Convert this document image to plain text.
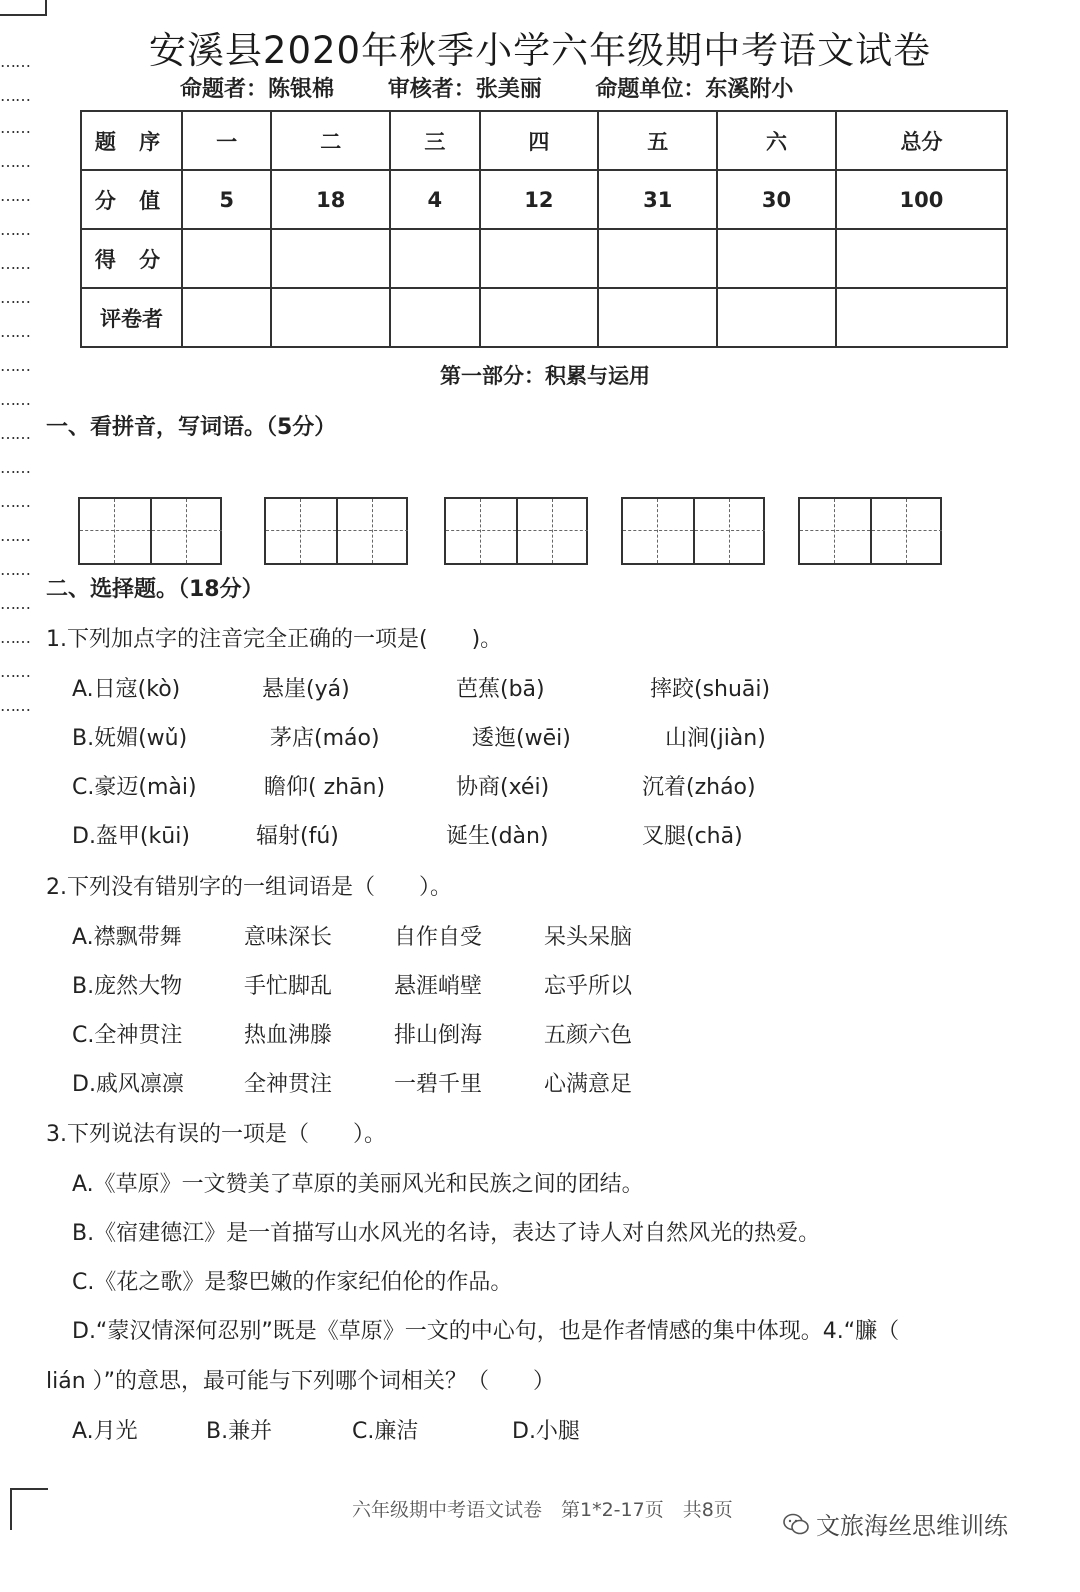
……
……
……
……
……
……
……
……
……
……
……
……
……
……
……
……
……
……
……
……
安溪县2020年秋季小学六年级期中考语文试卷
命题者：陈银棉 审核者：张美丽 命题单位：东溪附小
题 序	一	二	三	四	五	六	总分
分 值	5	18	4	12	31	30	100
得 分							
评卷者							
第一部分：积累与运用
一、看拼音，写词语。（5分）
二、选择题。（18分）
1.下列加点字的注音完全正确的一项是(　　)。
A.日寇(kò)	悬崖(yá)	芭蕉(bā)	摔跤(shuāi)
B.妩媚(wǔ)	茅店(máo)	逶迤(wēi)	山涧(jiàn)
C.豪迈(mài)	瞻仰( zhān)	协商(xéi)	沉着(zháo)
D.盔甲(kūi)	辐射(fú)	诞生(dàn)	叉腿(chā)
2.下列没有错别字的一组词语是（　　）。
A.襟飘带舞	意味深长	自作自受	呆头呆脑
B.庞然大物	手忙脚乱	悬涯峭壁	忘乎所以
C.全神贯注	热血沸滕	排山倒海	五颜六色
D.戚风凛凛	全神贯注	一碧千里	心满意足
3.下列说法有误的一项是（　　）。
A.《草原》一文赞美了草原的美丽风光和民族之间的团结。
B.《宿建德江》是一首描写山水风光的名诗，表达了诗人对自然风光的热爱。
C.《花之歌》是黎巴嫩的作家纪伯伦的作品。
D.“蒙汉情深何忍别”既是《草原》一文的中心句，也是作者情感的集中体现。4.“臁（
lián ）”的意思，最可能与下列哪个词相关？（　　）
A.月光	B.兼并	C.廉洁	D.小腿
六年级期中考语文试卷　第1*2-17页　共8页
文旅海丝思维训练
